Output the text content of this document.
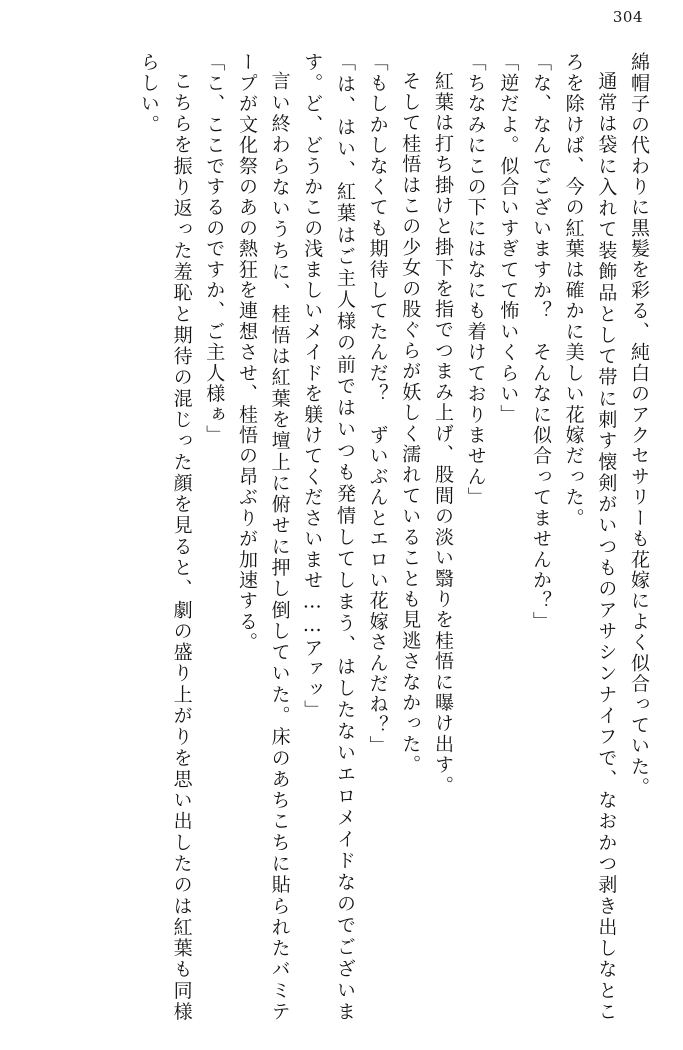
304

綿帽子の代わりに黒髪を彩る、純白のアクセサリーも花嫁によく似合っていた。

通常は袋に入れて装飾品として帯に刺す懐剣がいつものアサシンナイフで、なおかつ剥き出しなところを除けば、今の紅葉は確かに美しい花嫁だった。

「な、なんでございますか？　そんなに似合ってませんか？」

「逆だよ。似合いすぎてて怖いくらい」

「ちなみにこの下にはなにも着けておりません」

紅葉は打ち掛けと掛下を指でつまみ上げ、股間の淡い翳りを桂悟に曝け出す。

そして桂悟はこの少女の股ぐらが妖しく濡れていることも見逃さなかった。

「もしかしなくても期待してたんだ？　ずいぶんとエロい花嫁さんだね？」

「は、はい、紅葉はご主人様の前ではいつも発情してしまう、はしたないエロメイドなのでございます。ど、どうかこの浅ましいメイドを躾けてくださいませ……アァッ」

言い終わらないうちに、桂悟は紅葉を壇上に俯せに押し倒していた。床のあちこちに貼られたバミテープが文化祭のあの熱狂を連想させ、桂悟の昂ぶりが加速する。

「こ、ここでするのですか、ご主人様ぁ」

こちらを振り返った羞恥と期待の混じった顔を見ると、劇の盛り上がりを思い出したのは紅葉も同様らしい。
